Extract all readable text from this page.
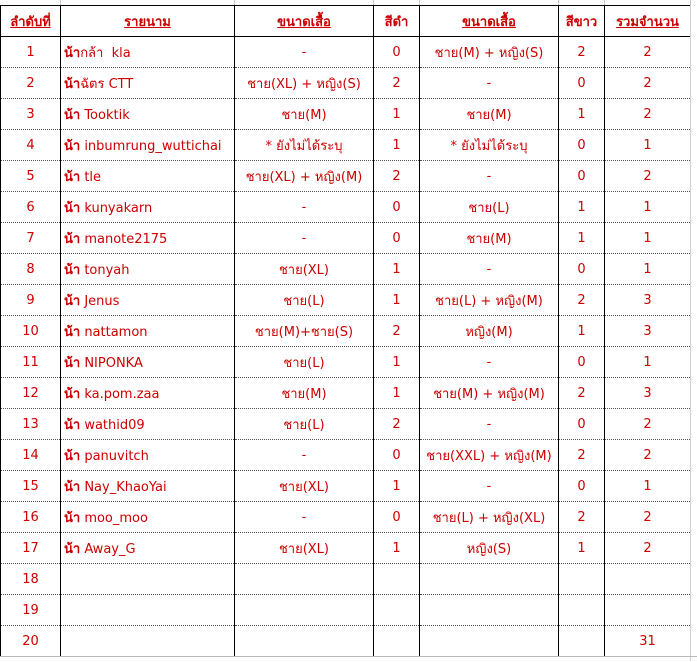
ลำดับที่	รายนาม	ขนาดเสื้อ	สีดำ	ขนาดเสื้อ	สีขาว	รวมจำนวน
1	น้ากล้า  kla	-	0	ชาย(M) + หญิง(S)	2	2
2	น้าฉัตร CTT	ชาย(XL) + หญิง(S)	2	-	0	2
3	น้า Tooktik	ชาย(M)	1	ชาย(M)	1	2
4	น้า inbumrung_wuttichai	* ยังไม่ได้ระบุ	1	* ยังไม่ได้ระบุ	0	1
5	น้า tle	ชาย(XL) + หญิง(M)	2	-	0	2
6	น้า kunyakarn	-	0	ชาย(L)	1	1
7	น้า manote2175	-	0	ชาย(M)	1	1
8	น้า tonyah	ชาย(XL)	1	-	0	1
9	น้า Jenus	ชาย(L)	1	ชาย(L) + หญิง(M)	2	3
10	น้า nattamon	ชาย(M)+ชาย(S)	2	หญิง(M)	1	3
11	น้า NIPONKA	ชาย(L)	1	-	0	1
12	น้า ka.pom.zaa	ชาย(M)	1	ชาย(M) + หญิง(M)	2	3
13	น้า wathid09	ชาย(L)	2	-	0	2
14	น้า panuvitch	-	0	ชาย(XXL) + หญิง(M)	2	2
15	น้า Nay_KhaoYai	ชาย(XL)	1	-	0	1
16	น้า moo_moo	-	0	ชาย(L) + หญิง(XL)	2	2
17	น้า Away_G	ชาย(XL)	1	หญิง(S)	1	2
18						
19						
20						31
